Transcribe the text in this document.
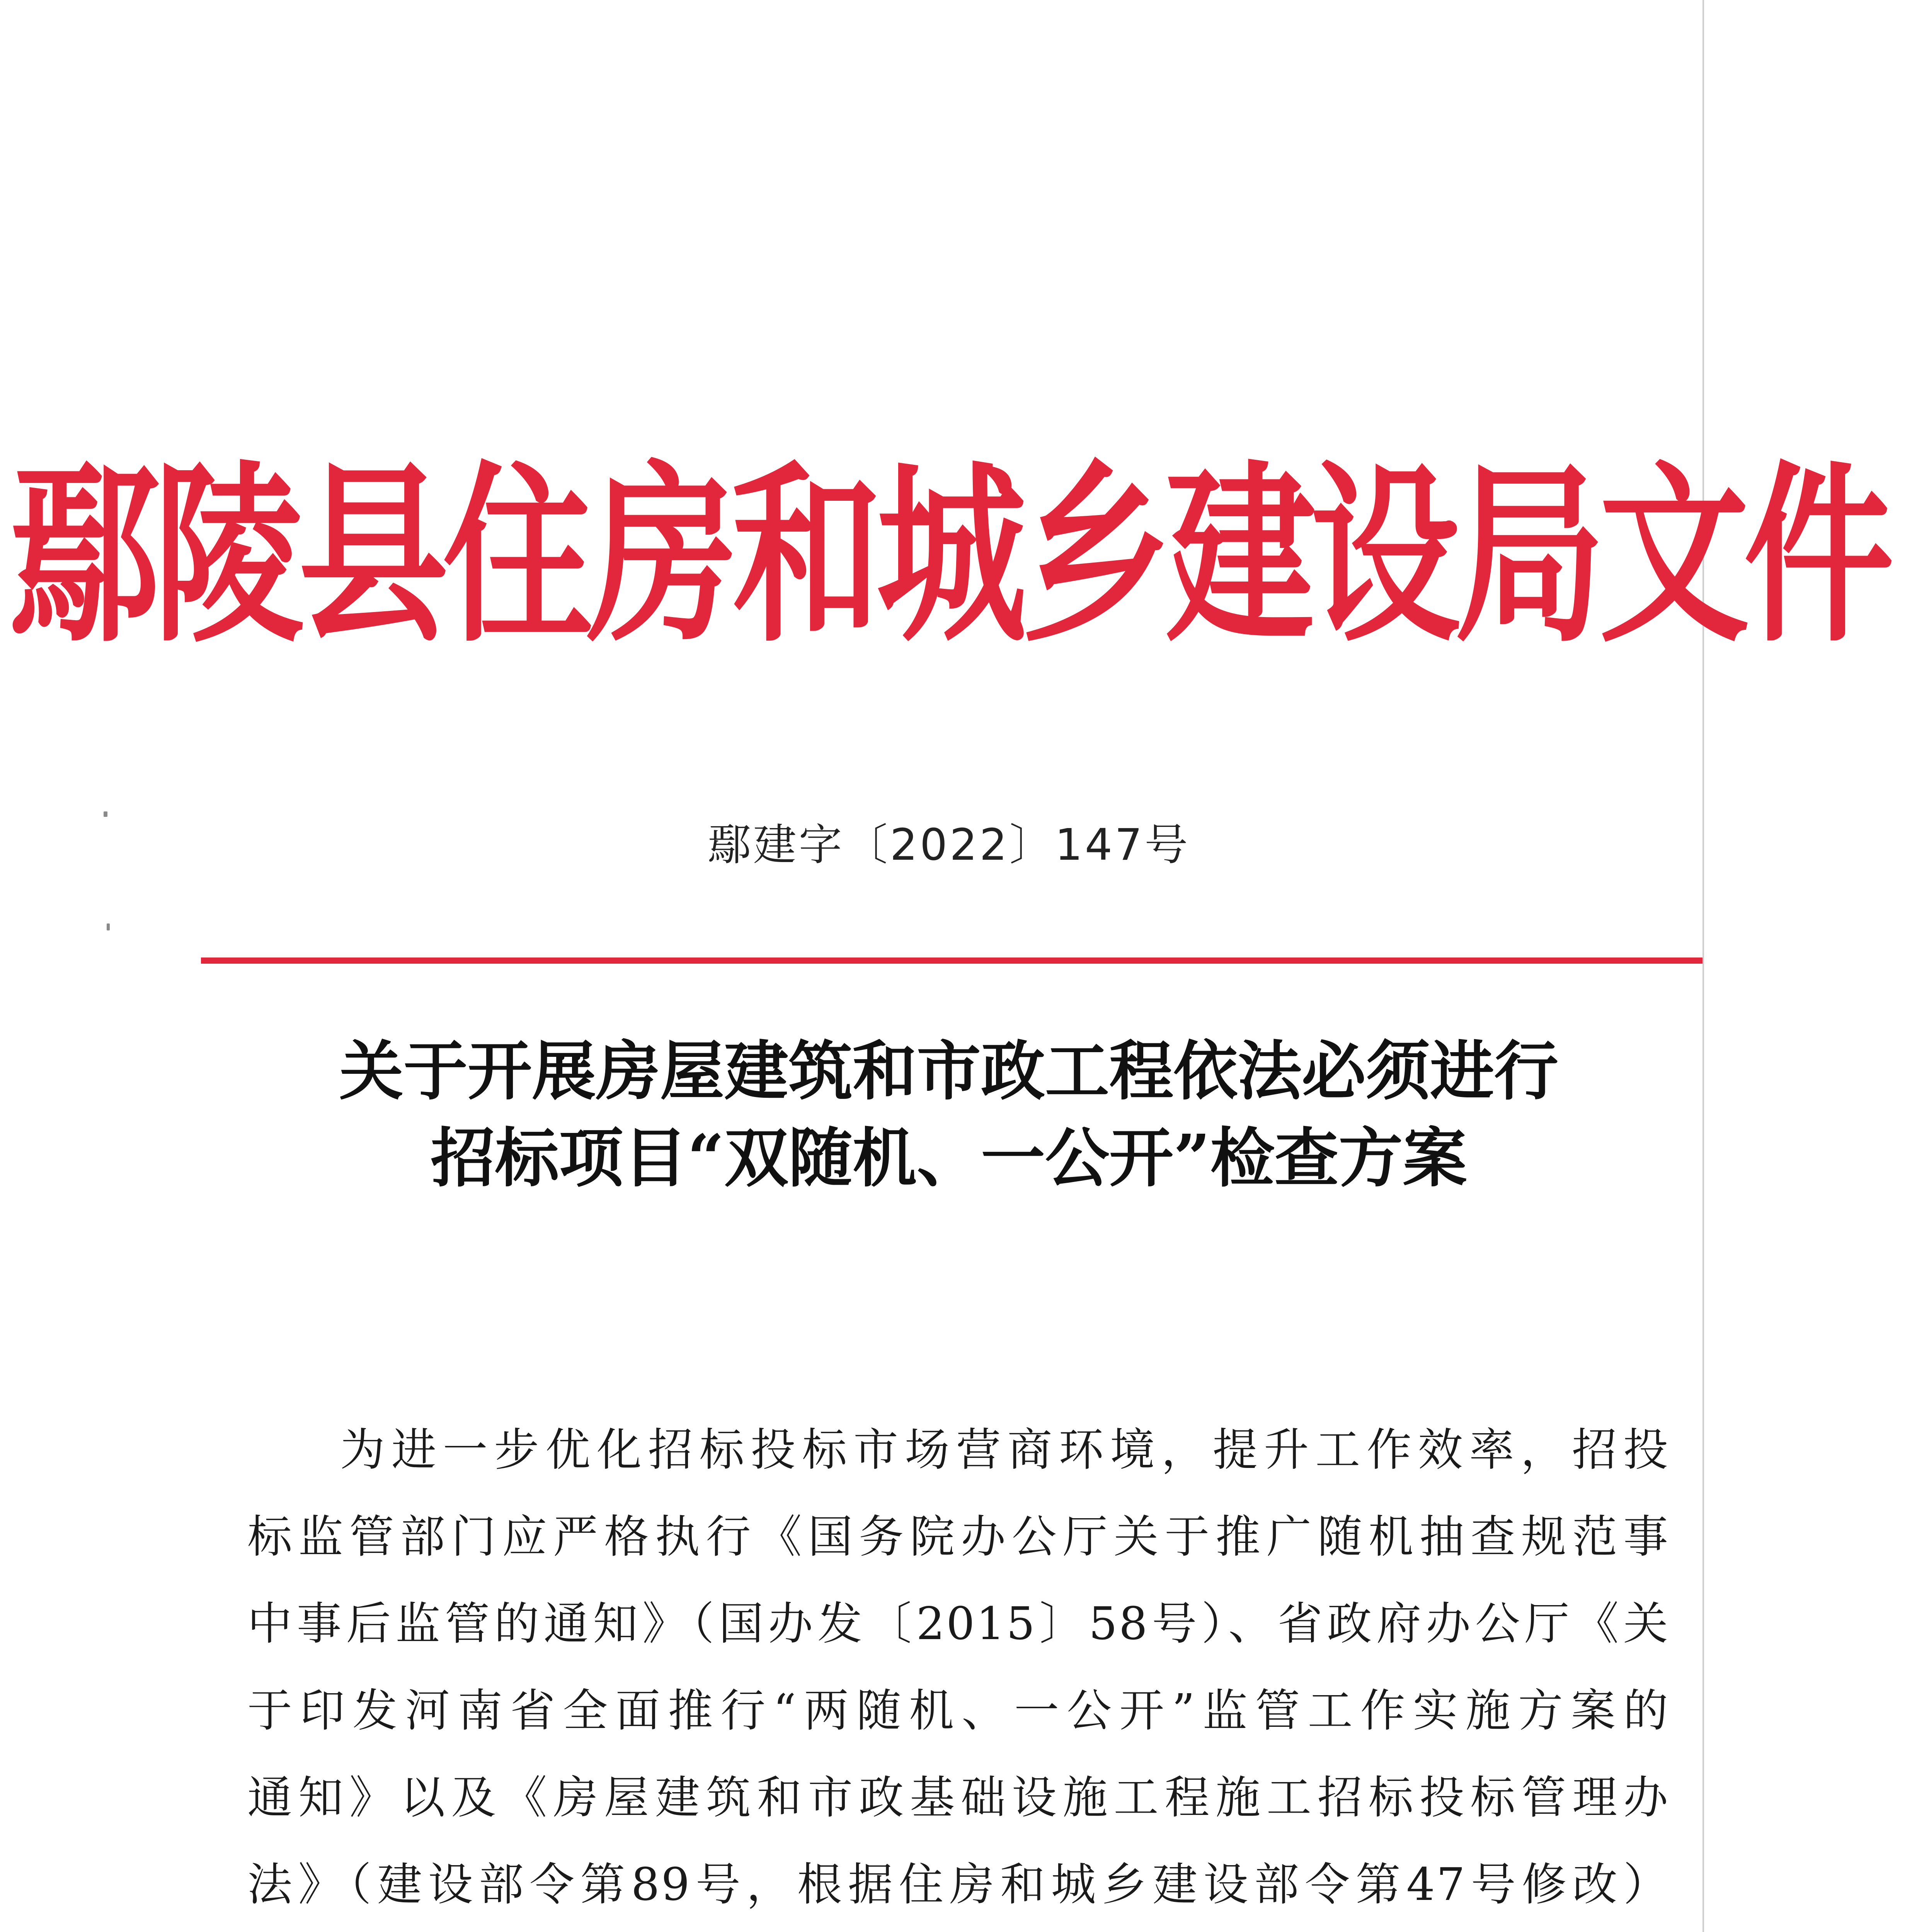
鄢陵县住房和城乡建设局文件
鄢建字〔2022〕147号
关于开展房屋建筑和市政工程依法必须进行
招标项目“双随机、一公开”检查方案
为进一步优化招标投标市场营商环境，提升工作效率，招投
标监管部门应严格执行《国务院办公厅关于推广随机抽查规范事
中事后监管的通知》（国办发〔2015〕58号）、省政府办公厅《关
于印发河南省全面推行“两随机、一公开”监管工作实施方案的
通知》以及《房屋建筑和市政基础设施工程施工招标投标管理办
法》（建设部令第89号，根据住房和城乡建设部令第47号修改）
